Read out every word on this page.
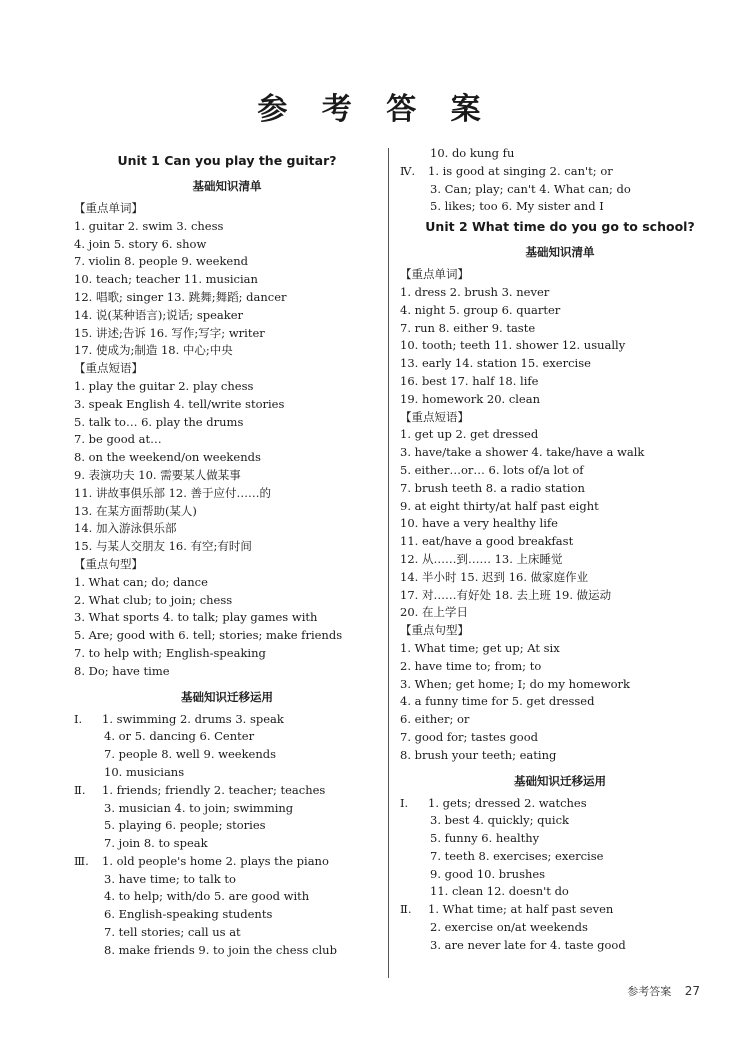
参 考 答 案
Unit 1 Can you play the guitar?
基础知识清单
【重点单词】
1. guitar 2. swim 3. chess
4. join 5. story 6. show
7. violin 8. people 9. weekend
10. teach; teacher 11. musician
12. 唱歌; singer 13. 跳舞;舞蹈; dancer
14. 说(某种语言);说话; speaker
15. 讲述;告诉 16. 写作;写字; writer
17. 使成为;制造 18. 中心;中央
【重点短语】
1. play the guitar 2. play chess
3. speak English 4. tell/write stories
5. talk to… 6. play the drums
7. be good at…
8. on the weekend/on weekends
9. 表演功夫 10. 需要某人做某事
11. 讲故事俱乐部 12. 善于应付……的
13. 在某方面帮助(某人)
14. 加入游泳俱乐部
15. 与某人交朋友 16. 有空;有时间
【重点句型】
1. What can; do; dance
2. What club; to join; chess
3. What sports 4. to talk; play games with
5. Are; good with 6. tell; stories; make friends
7. to help with; English-speaking
8. Do; have time
基础知识迁移运用
Ⅰ. 1. swimming 2. drums 3. speak
4. or 5. dancing 6. Center
7. people 8. well 9. weekends
10. musicians
Ⅱ. 1. friends; friendly 2. teacher; teaches
3. musician 4. to join; swimming
5. playing 6. people; stories
7. join 8. to speak
Ⅲ. 1. old people's home 2. plays the piano
3. have time; to talk to
4. to help; with/do 5. are good with
6. English-speaking students
7. tell stories; call us at
8. make friends 9. to join the chess club
10. do kung fu
Ⅳ. 1. is good at singing 2. can't; or
3. Can; play; can't 4. What can; do
5. likes; too 6. My sister and I
Unit 2 What time do you go to school?
基础知识清单
【重点单词】
1. dress 2. brush 3. never
4. night 5. group 6. quarter
7. run 8. either 9. taste
10. tooth; teeth 11. shower 12. usually
13. early 14. station 15. exercise
16. best 17. half 18. life
19. homework 20. clean
【重点短语】
1. get up 2. get dressed
3. have/take a shower 4. take/have a walk
5. either…or… 6. lots of/a lot of
7. brush teeth 8. a radio station
9. at eight thirty/at half past eight
10. have a very healthy life
11. eat/have a good breakfast
12. 从……到…… 13. 上床睡觉
14. 半小时 15. 迟到 16. 做家庭作业
17. 对……有好处 18. 去上班 19. 做运动
20. 在上学日
【重点句型】
1. What time; get up; At six
2. have time to; from; to
3. When; get home; I; do my homework
4. a funny time for 5. get dressed
6. either; or
7. good for; tastes good
8. brush your teeth; eating
基础知识迁移运用
Ⅰ. 1. gets; dressed 2. watches
3. best 4. quickly; quick
5. funny 6. healthy
7. teeth 8. exercises; exercise
9. good 10. brushes
11. clean 12. doesn't do
Ⅱ. 1. What time; at half past seven
2. exercise on/at weekends
3. are never late for 4. taste good
参考答案 27
